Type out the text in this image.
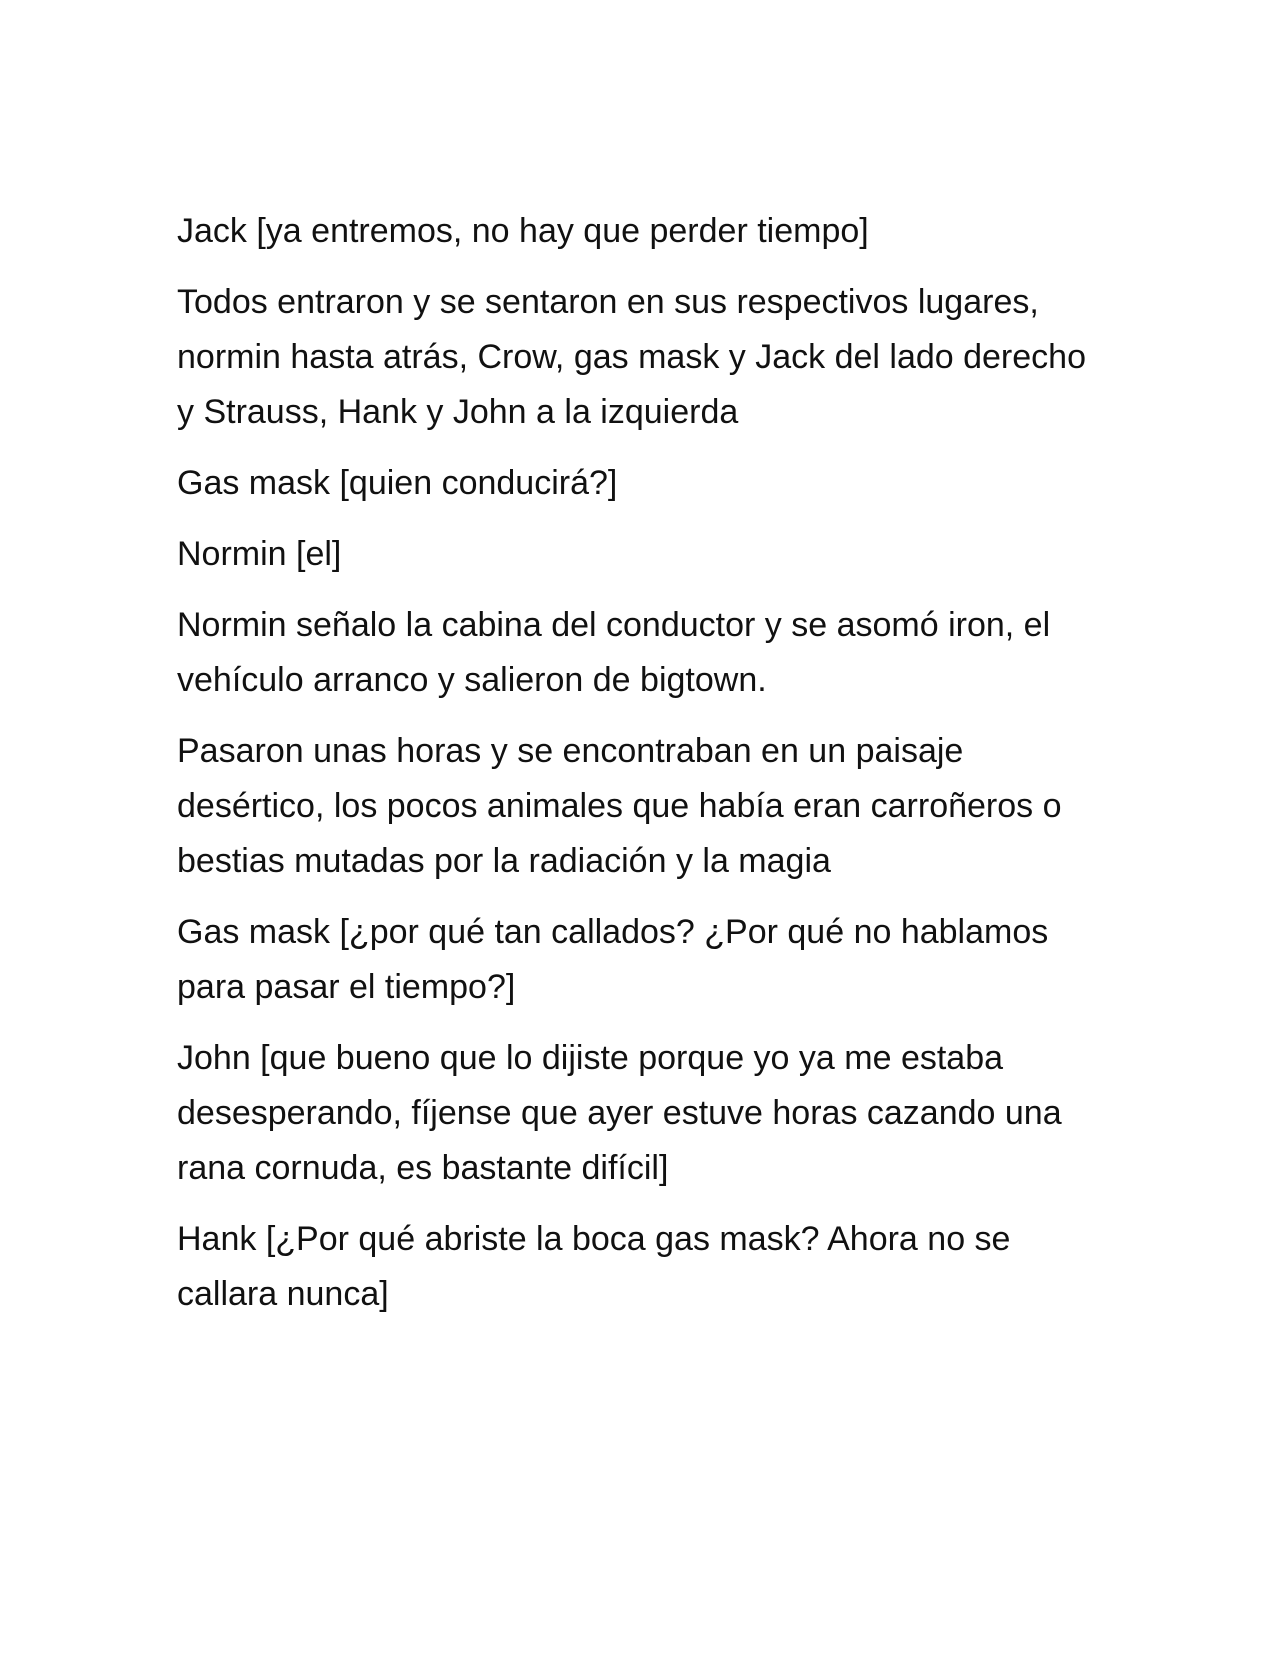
Jack [ya entremos, no hay que perder tiempo]

Todos entraron y se sentaron en sus respectivos lugares, normin hasta atrás, Crow, gas mask y Jack del lado derecho y Strauss, Hank y John a la izquierda

Gas mask [quien conducirá?]

Normin [el]

Normin señalo la cabina del conductor y se asomó iron, el vehículo arranco y salieron de bigtown.

Pasaron unas horas y se encontraban en un paisaje desértico, los pocos animales que había eran carroñeros o bestias mutadas por la radiación y la magia

Gas mask [¿por qué tan callados? ¿Por qué no hablamos para pasar el tiempo?]

John [que bueno que lo dijiste porque yo ya me estaba desesperando, fíjense que ayer estuve horas cazando una rana cornuda, es bastante difícil]

Hank [¿Por qué abriste la boca gas mask? Ahora no se callara nunca]
